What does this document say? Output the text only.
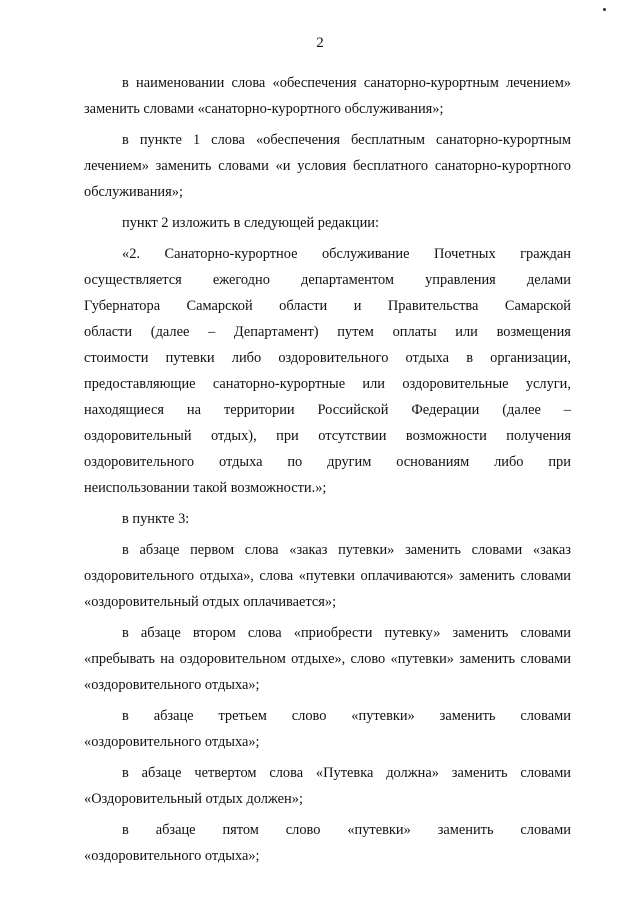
2

в наименовании слова «обеспечения санаторно-курортным лечением» заменить словами «санаторно-курортного обслуживания»;

в пункте 1 слова «обеспечения бесплатным санаторно-курортным лечением» заменить словами «и условия бесплатного санаторно-курортного обслуживания»;

пункт 2 изложить в следующей редакции:

«2. Санаторно-курортное обслуживание Почетных граждан
осуществляется ежегодно департаментом управления делами
Губернатора Самарской области и Правительства Самарской
области (далее – Департамент) путем оплаты или возмещения
стоимости путевки либо оздоровительного отдыха в организации,
предоставляющие санаторно-курортные или оздоровительные услуги,
находящиеся на территории Российской Федерации (далее –
оздоровительный отдых), при отсутствии возможности получения
оздоровительного отдыха по другим основаниям либо при
неиспользовании такой возможности.»;

в пункте 3:

в абзаце первом слова «заказ путевки» заменить словами «заказ оздоровительного отдыха», слова «путевки оплачиваются» заменить словами «оздоровительный отдых оплачивается»;

в абзаце втором слова «приобрести путевку» заменить словами «пребывать на оздоровительном отдыхе», слово «путевки» заменить словами «оздоровительного отдыха»;

в абзаце третьем слово «путевки» заменить словами
«оздоровительного отдыха»;

в абзаце четвертом слова «Путевка должна» заменить словами «Оздоровительный отдых должен»;

в абзаце пятом слово «путевки» заменить словами
«оздоровительного отдыха»;
